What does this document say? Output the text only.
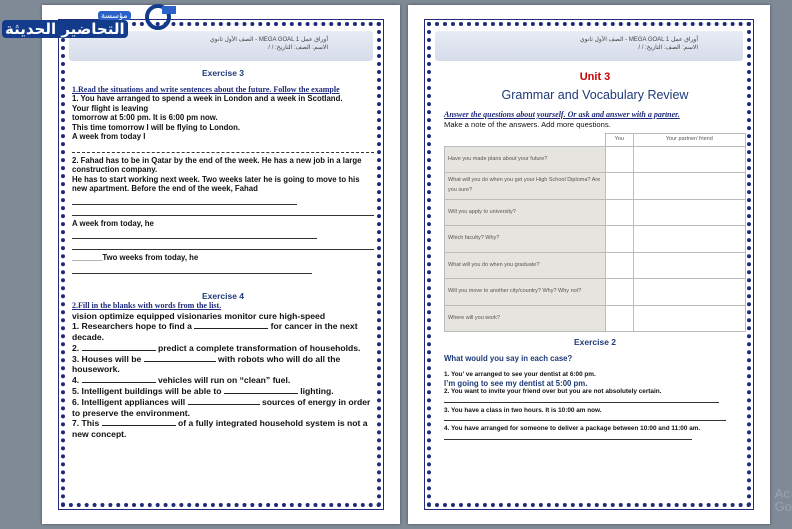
أوراق عمل MEGA GOAL 1 - الصف الأول ثانوي
الاسم: الصف: التاريخ: / /
Exercise 3
1.Read the situations and write sentences about the future. Follow the example
1. You have arranged to spend a week in London and a week in Scotland.
Your flight is leaving
tomorrow at 5:00 pm. It is 6:00 pm now.
This time tomorrow I will be flying to London.
A week from today I
2. Fahad has to be in Qatar by the end of the week. He has a new job in a large construction company.
He has to start working next week. Two weeks later he is going to move to his new apartment. Before the end of the week, Fahad
A week from today, he
_______Two weeks from today, he
Exercise 4
2.Fill in the blanks with words from the list.
vision optimize equipped visionaries monitor cure high-speed
1. Researchers hope to find a	for cancer in the next decade.
2.	predict a complete transformation of households.
3. Houses will be	with robots who will do all the housework.
4.	vehicles will run on “clean” fuel.
5. Intelligent buildings will be able to	lighting.
6. Intelligent appliances will	sources of energy in order to preserve the environment.
7. This	of a fully integrated household system is not a new concept.
أوراق عمل MEGA GOAL 1 - الصف الأول ثانوي
الاسم: الصف: التاريخ: / /
Unit 3
Grammar and Vocabulary Review
Answer the questions about yourself. Or ask and answer with a partner.
Make a note of the answers. Add more questions.
	You	Your partner/ friend
Have you made plans about your future?		
What will you do when you get your High School Diploma? Are you sure?		
Will you apply to university?		
Which faculty? Why?		
What will you do when you graduate?		
Will you move to another city/country? Why? Why not?		
Where will you work?		
Exercise 2
What would you say in each case?

1. You’ ve arranged to see your dentist at 6:00 pm.

I’m going to see my dentist at 5:00 pm.

2. You want to invite your friend over but you are not absolutely certain.

3. You have a class in two hours. It is 10:00 am now.

4. You have arranged for someone to deliver a package between 10:00 and 11:00 am.

مؤسسة
التحاضير الحديثة
Ac
Go
